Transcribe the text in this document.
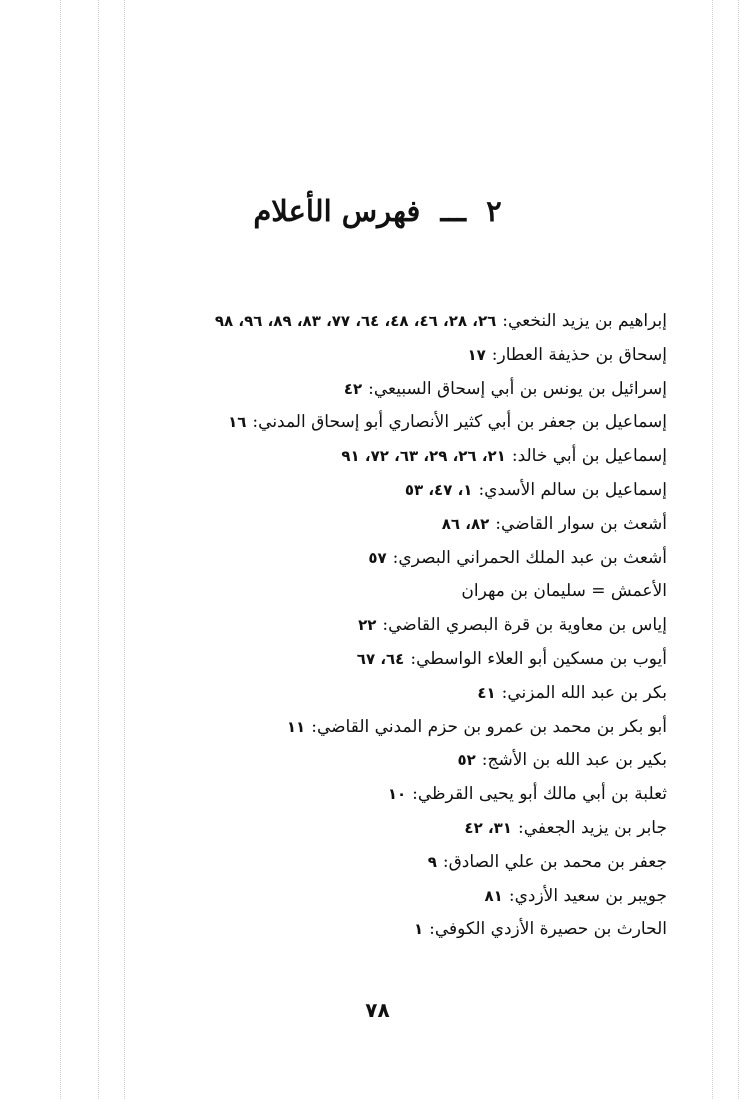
٢ ـــ فهرس الأعلام
إبراهيم بن يزيد النخعي:٢٦، ٢٨، ٤٦، ٤٨، ٦٤، ٧٧، ٨٣، ٨٩، ٩٦، ٩٨
إسحاق بن حذيفة العطار:١٧
إسرائيل بن يونس بن أبي إسحاق السبيعي:٤٢
إسماعيل بن جعفر بن أبي كثير الأنصاري أبو إسحاق المدني:١٦
إسماعيل بن أبي خالد:٢١، ٢٦، ٢٩، ٦٣، ٧٢، ٩١
إسماعيل بن سالم الأسدي:١، ٤٧، ٥٣
أشعث بن سوار القاضي:٨٢، ٨٦
أشعث بن عبد الملك الحمراني البصري:٥٧
الأعمش = سليمان بن مهران
إياس بن معاوية بن قرة البصري القاضي:٢٢
أيوب بن مسكين أبو العلاء الواسطي:٦٤، ٦٧
بكر بن عبد الله المزني:٤١
أبو بكر بن محمد بن عمرو بن حزم المدني القاضي:١١
بكير بن عبد الله بن الأشج:٥٢
ثعلبة بن أبي مالك أبو يحيى القرظي:١٠
جابر بن يزيد الجعفي:٣١، ٤٢
جعفر بن محمد بن علي الصادق:٩
جويبر بن سعيد الأزدي:٨١
الحارث بن حصيرة الأزدي الكوفي:١
٧٨
